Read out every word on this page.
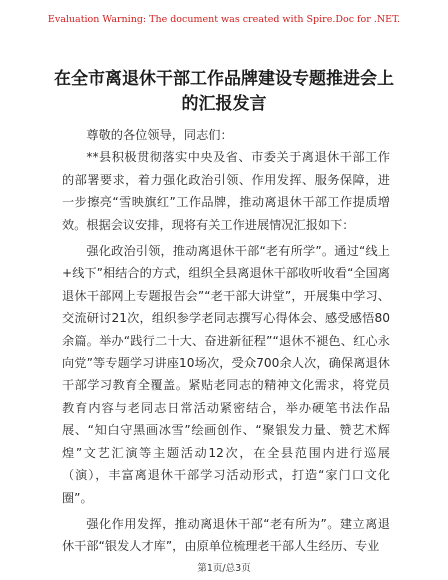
Evaluation Warning: The document was created with Spire.Doc for .NET.
在全市离退休干部工作品牌建设专题推进会上的汇报发言

尊敬的各位领导，同志们：

**县积极贯彻落实中央及省、市委关于离退休干部工作的部署要求，着力强化政治引领、作用发挥、服务保障，进一步擦亮“雪映旗红”工作品牌，推动离退休干部工作提质增效。根据会议安排，现将有关工作进展情况汇报如下：

强化政治引领，推动离退休干部“老有所学”。通过“线上+线下”相结合的方式，组织全县离退休干部收听收看“全国离退休干部网上专题报告会”“老干部大讲堂”，开展集中学习、交流研讨21次，组织参学老同志撰写心得体会、感受感悟80余篇。举办“践行二十大、奋进新征程”“退休不褪色、红心永向党”等专题学习讲座10场次，受众700余人次，确保离退休干部学习教育全覆盖。紧贴老同志的精神文化需求，将党员教育内容与老同志日常活动紧密结合，举办硬笔书法作品展、“知白守黑画冰雪”绘画创作、“聚银发力量、赞艺术辉煌”文艺汇演等主题活动12次，在全县范围内进行巡展（演），丰富离退休干部学习活动形式，打造“家门口文化圈”。

强化作用发挥，推动离退休干部“老有所为”。建立离退休干部“银发人才库”，由原单位梳理老干部人生经历、专业

第1页/总3页
